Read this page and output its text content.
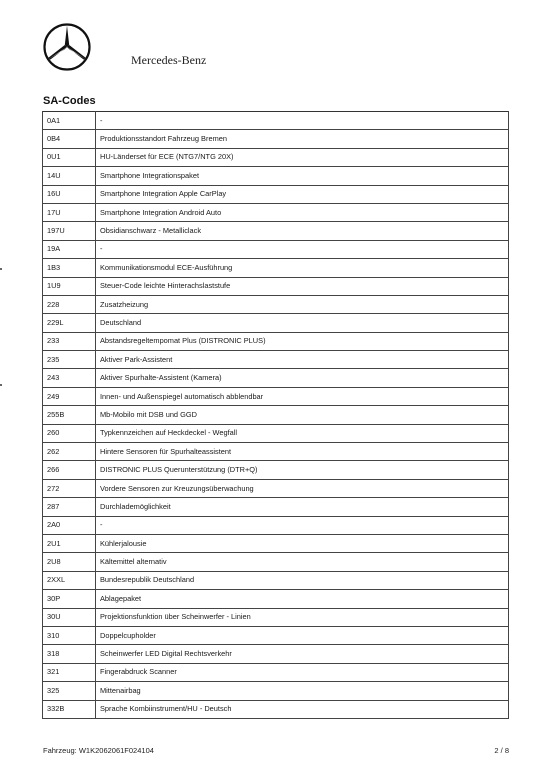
Mercedes-Benz
SA-Codes
0A1	-
0B4	Produktionsstandort Fahrzeug Bremen
0U1	HU-Länderset für ECE (NTG7/NTG 20X)
14U	Smartphone Integrationspaket
16U	Smartphone Integration Apple CarPlay
17U	Smartphone Integration Android Auto
197U	Obsidianschwarz - Metalliclack
19A	-
1B3	Kommunikationsmodul ECE-Ausführung
1U9	Steuer-Code leichte Hinterachslaststufe
228	Zusatzheizung
229L	Deutschland
233	Abstandsregeltempomat Plus (DISTRONIC PLUS)
235	Aktiver Park-Assistent
243	Aktiver Spurhalte-Assistent (Kamera)
249	Innen- und Außenspiegel automatisch abblendbar
255B	Mb-Mobilo mit DSB und GGD
260	Typkennzeichen auf Heckdeckel - Wegfall
262	Hintere Sensoren für Spurhalteassistent
266	DISTRONIC PLUS Querunterstützung (DTR+Q)
272	Vordere Sensoren zur Kreuzungsüberwachung
287	Durchlademöglichkeit
2A0	-
2U1	Kühlerjalousie
2U8	Kältemittel alternativ
2XXL	Bundesrepublik Deutschland
30P	Ablagepaket
30U	Projektionsfunktion über Scheinwerfer - Linien
310	Doppelcupholder
318	Scheinwerfer LED Digital Rechtsverkehr
321	Fingerabdruck Scanner
325	Mittenairbag
332B	Sprache Kombiinstrument/HU - Deutsch
Fahrzeug: W1K2062061F024104	2 / 8
